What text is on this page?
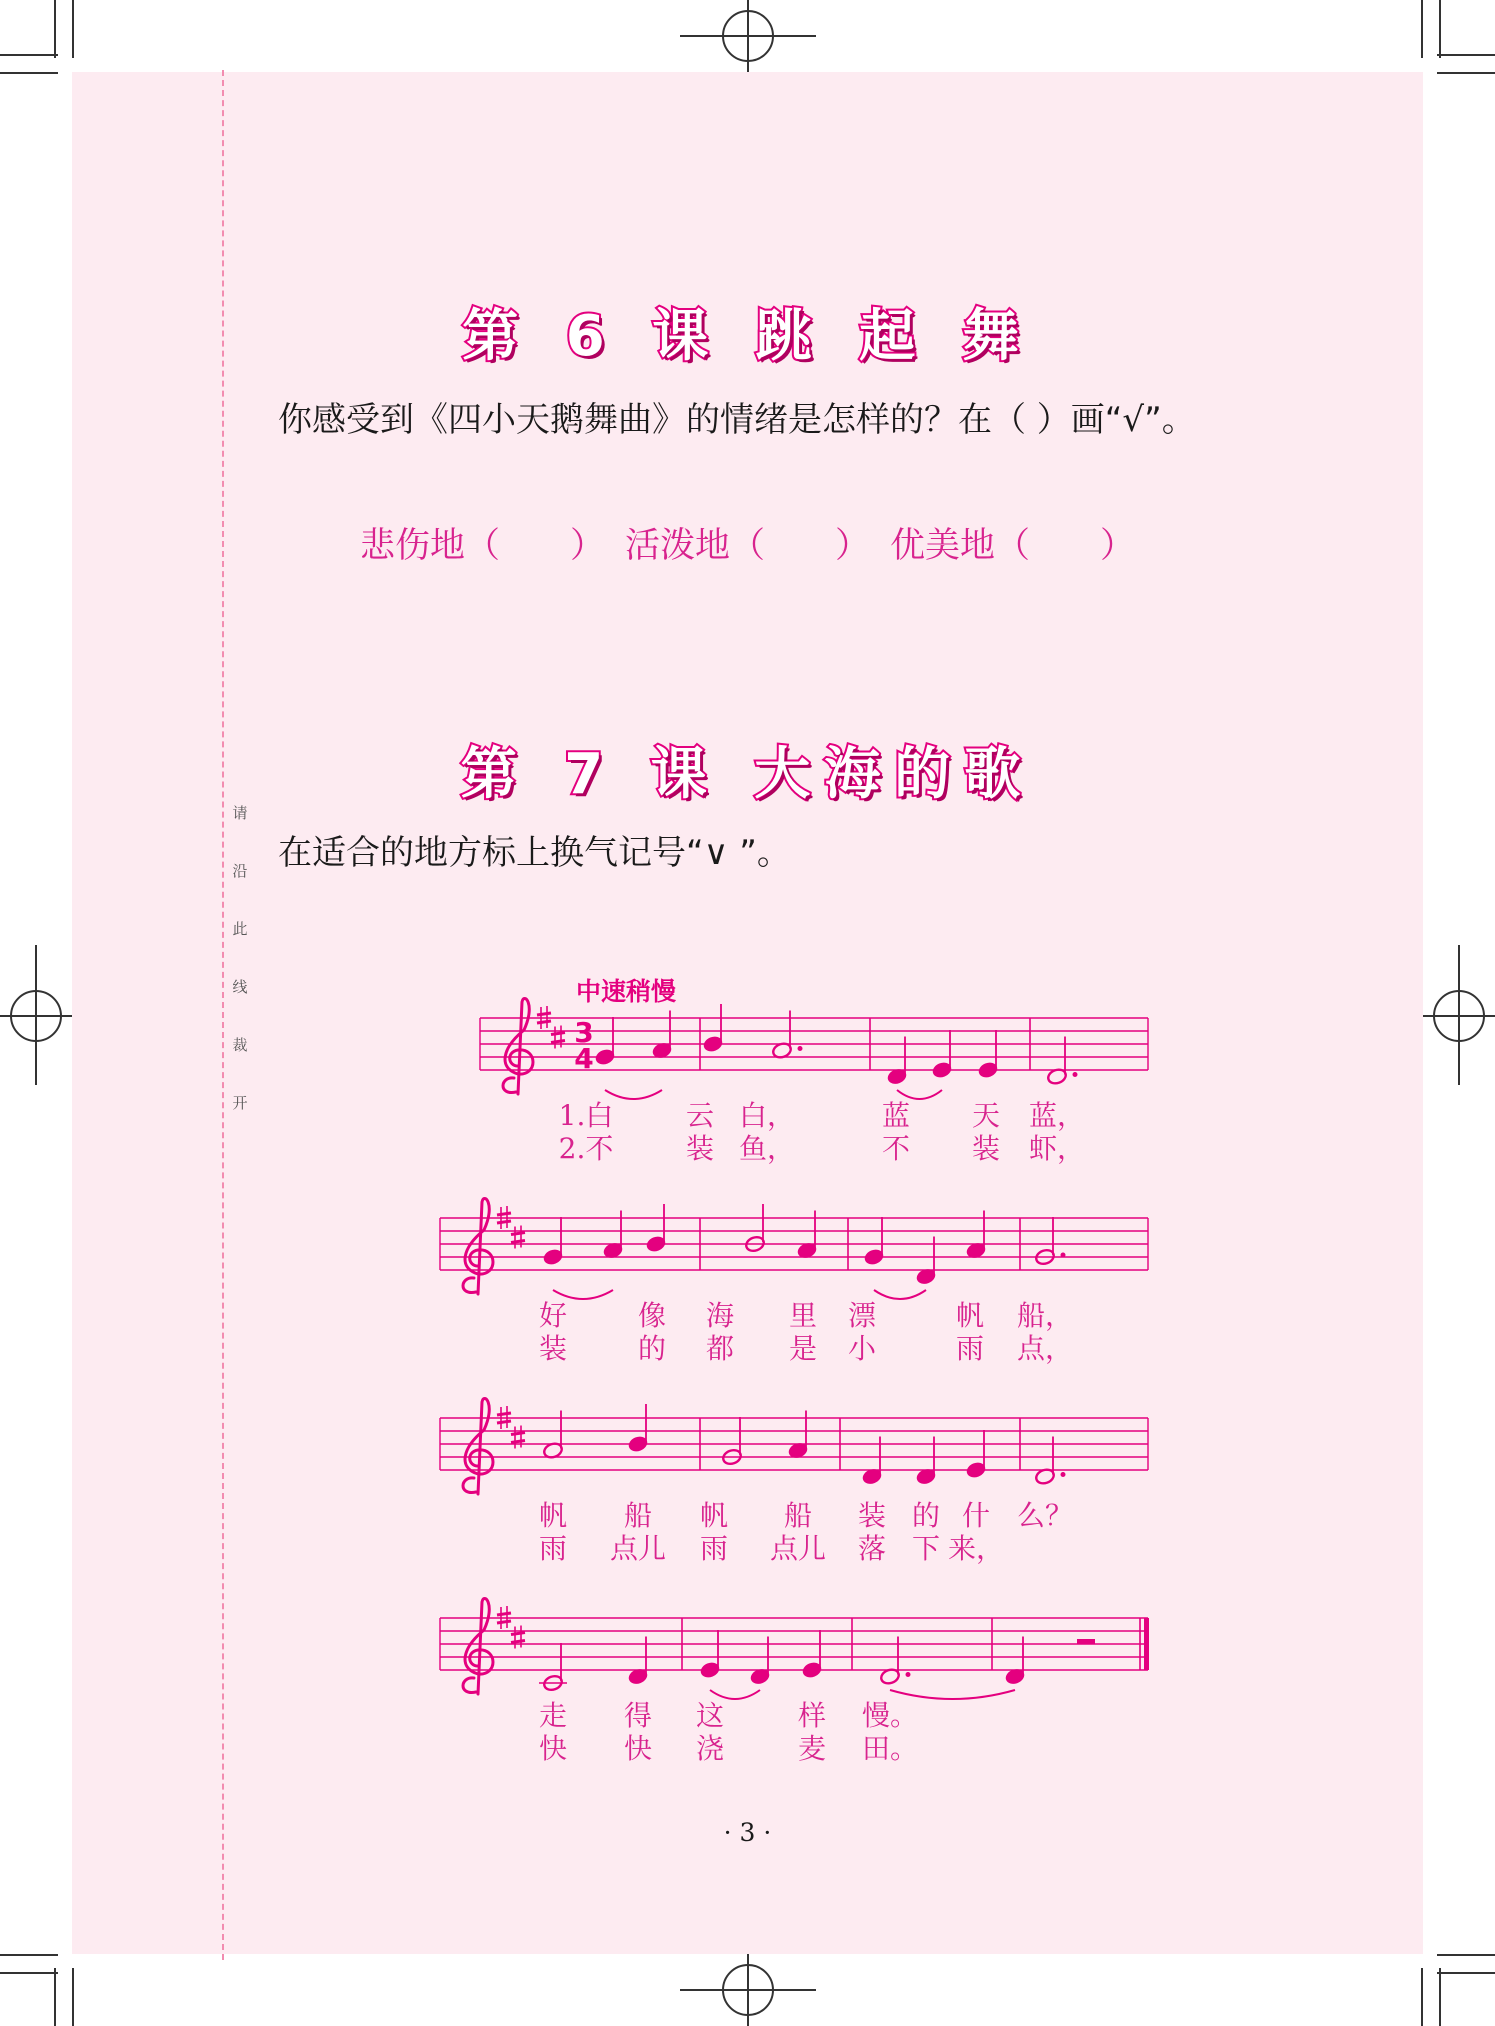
请
沿
此
线
裁
开
第 6 课 跳 起 舞
你感受到《四小天鹅舞曲》的情绪是怎样的？在（ ）画“√”。
悲伤地（　　） 活泼地（　　） 优美地（　　）
第 7 课 大海的歌
在适合的地方标上换气记号“∨ ”。
中速稍慢
3
4
1.白	云 白，	蓝 天 蓝，
2.不	装 鱼，	不 装 虾，
好	像 海 里 漂	帆 船，
装	的 都 是 小	雨 点，
帆 船 帆 船 装 的 什 么？
雨 点儿 雨 点儿 落 下 来，
走 得 这	样 慢。
快 快 浇	麦 田。
· 3 ·
